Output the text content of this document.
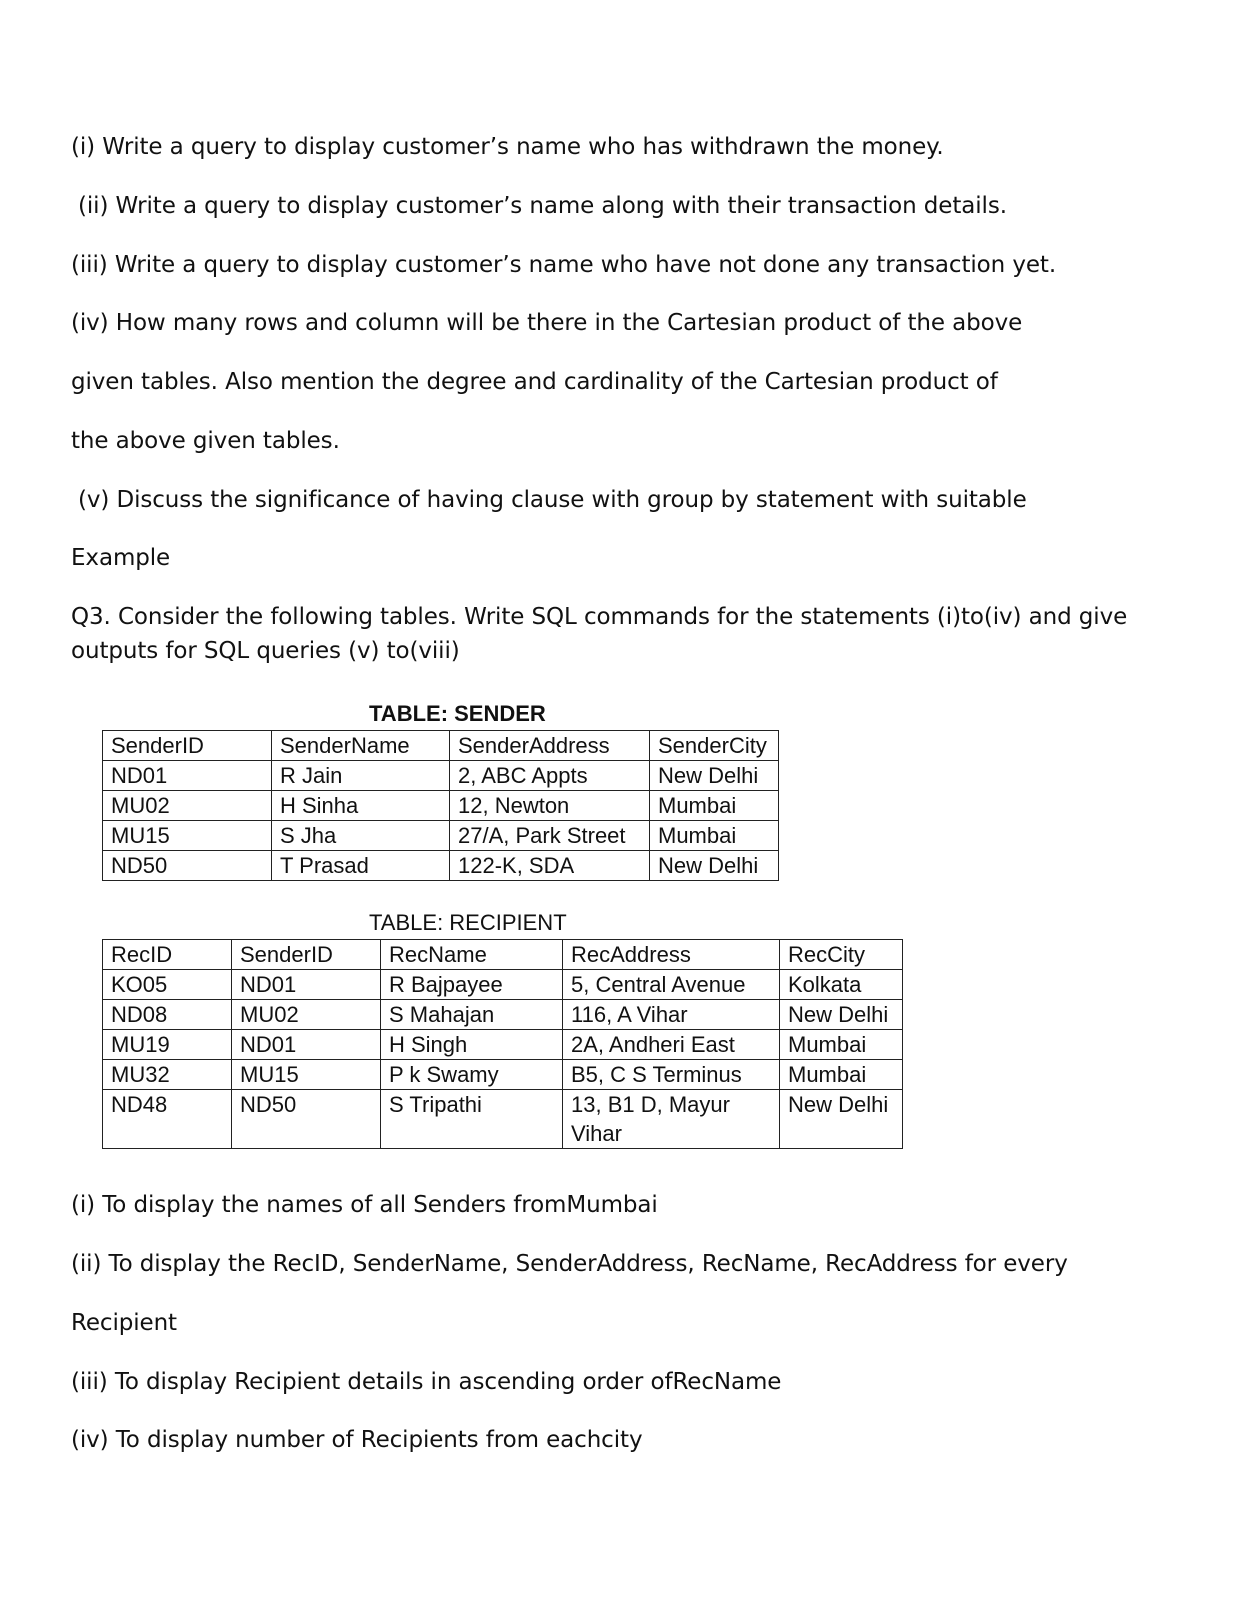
(i) Write a query to display customer’s name who has withdrawn the money.
(ii) Write a query to display customer’s name along with their transaction details.
(iii) Write a query to display customer’s name who have not done any transaction yet.
(iv) How many rows and column will be there in the Cartesian product of the above
given tables. Also mention the degree and cardinality of the Cartesian product of
the above given tables.
(v) Discuss the significance of having clause with group by statement with suitable
Example
Q3. Consider the following tables. Write SQL commands for the statements (i)to(iv) and give
outputs for SQL queries (v) to(viii)
TABLE: SENDER
SenderID	SenderName	SenderAddress	SenderCity
ND01	R Jain	2, ABC Appts	New Delhi
MU02	H Sinha	12, Newton	Mumbai
MU15	S Jha	27/A, Park Street	Mumbai
ND50	T Prasad	122-K, SDA	New Delhi
TABLE: RECIPIENT
RecID	SenderID	RecName	RecAddress	RecCity
KO05	ND01	R Bajpayee	5, Central Avenue	Kolkata
ND08	MU02	S Mahajan	116, A Vihar	New Delhi
MU19	ND01	H Singh	2A, Andheri East	Mumbai
MU32	MU15	P k Swamy	B5, C S Terminus	Mumbai
ND48	ND50	S Tripathi	13, B1 D, Mayur Vihar	New Delhi
(i) To display the names of all Senders fromMumbai
(ii) To display the RecID, SenderName, SenderAddress, RecName, RecAddress for every
Recipient
(iii) To display Recipient details in ascending order ofRecName
(iv) To display number of Recipients from eachcity
